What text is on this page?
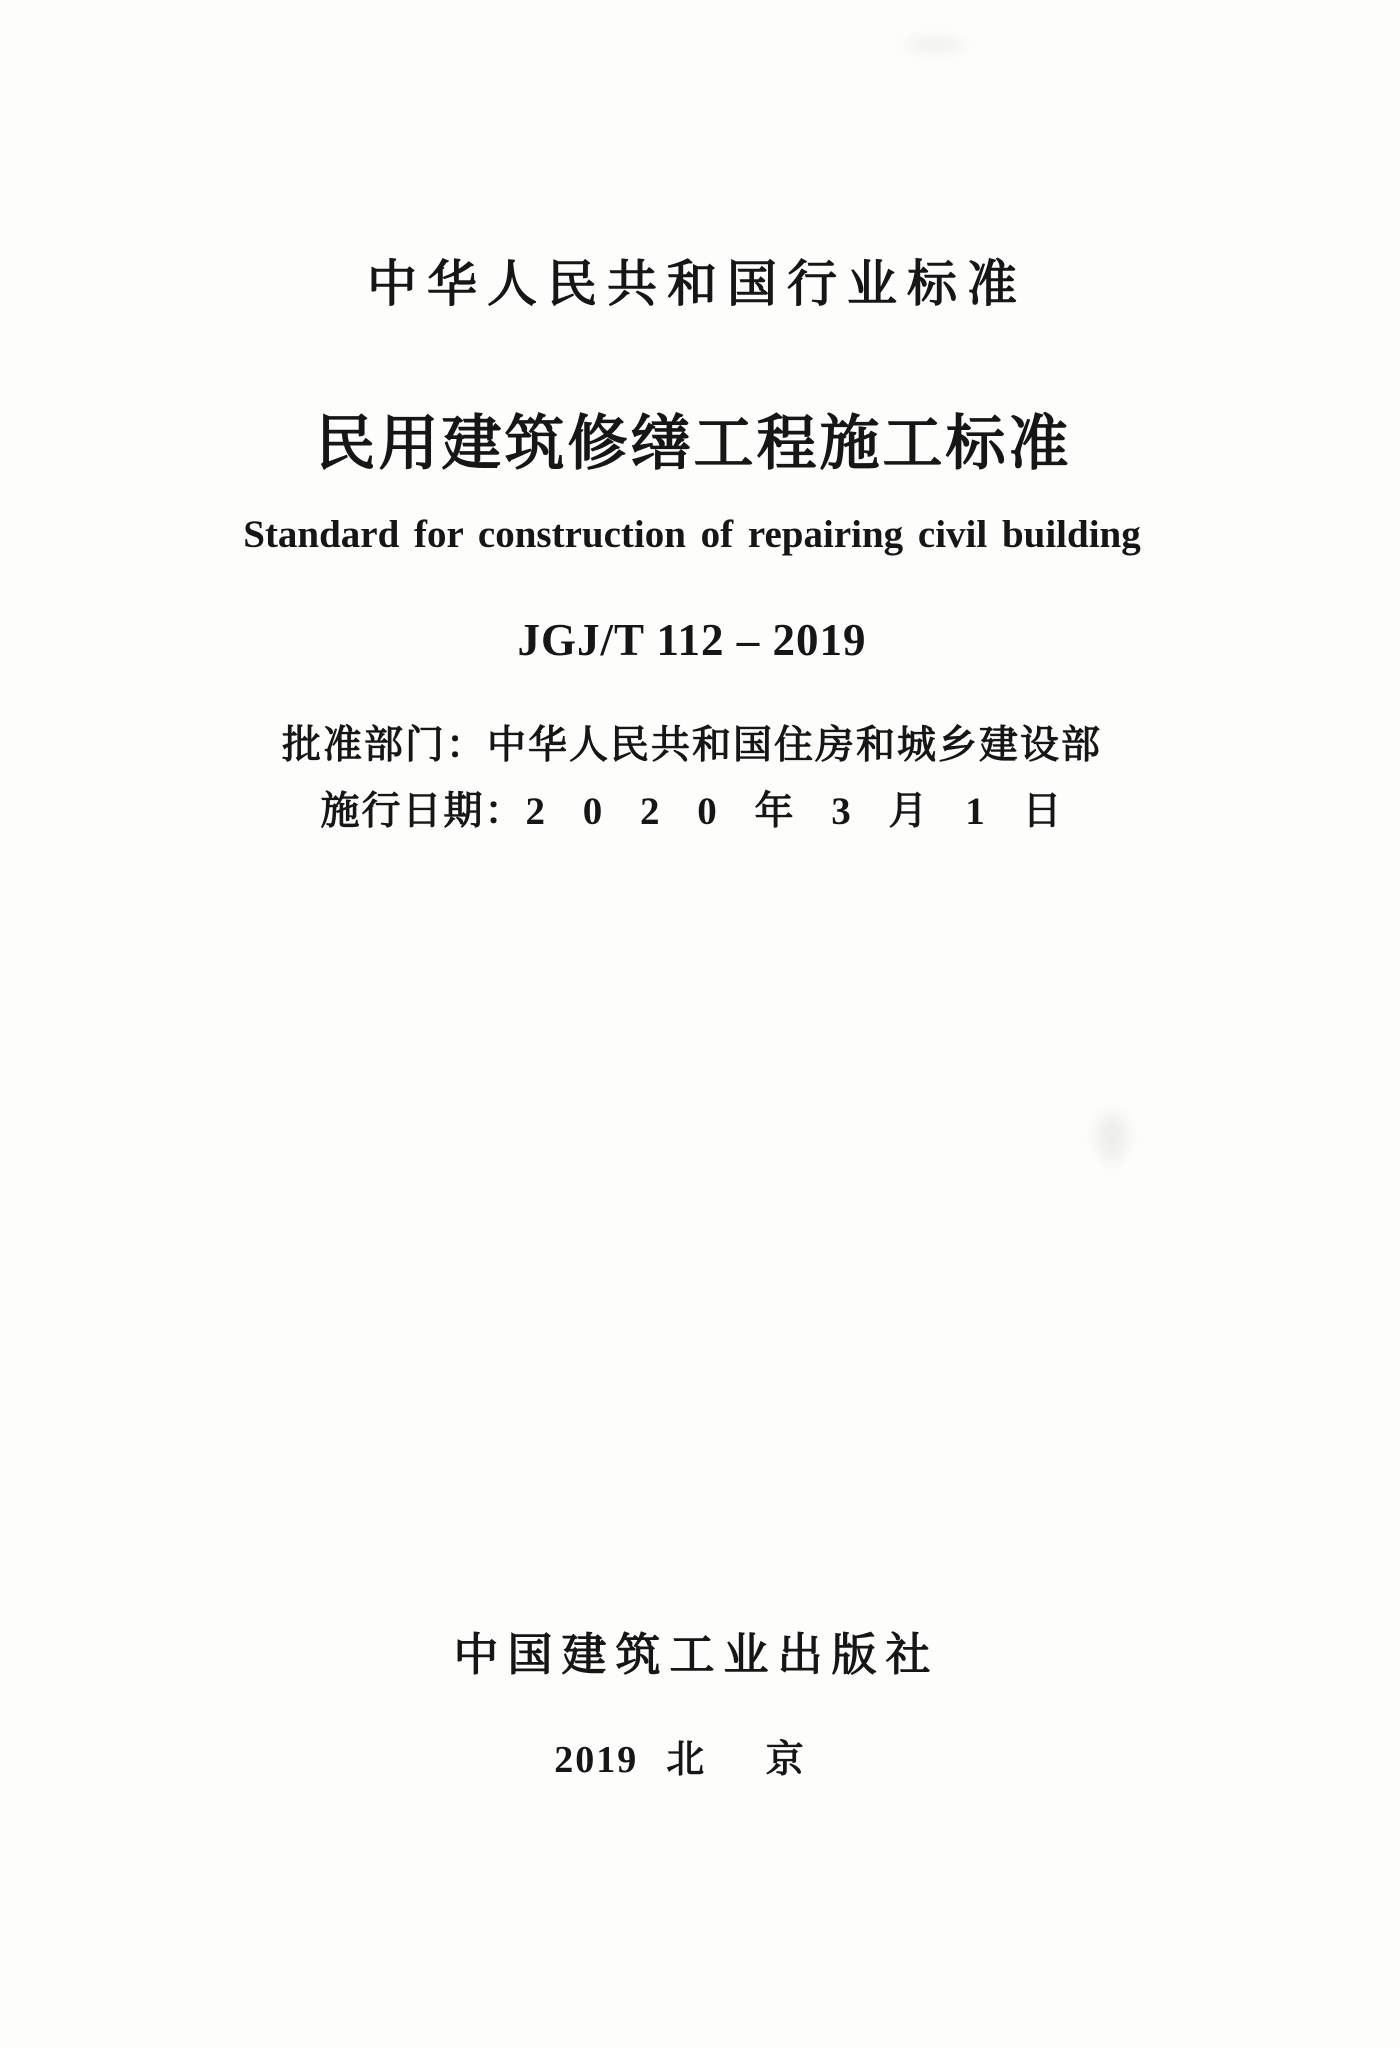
中华人民共和国行业标准
民用建筑修缮工程施工标准
Standard for construction of repairing civil building
JGJ/T 112 – 2019
批准部门：中华人民共和国住房和城乡建设部
施行日期：2 0 2 0 年 3 月 1 日
中国建筑工业出版社
2019 北 京
